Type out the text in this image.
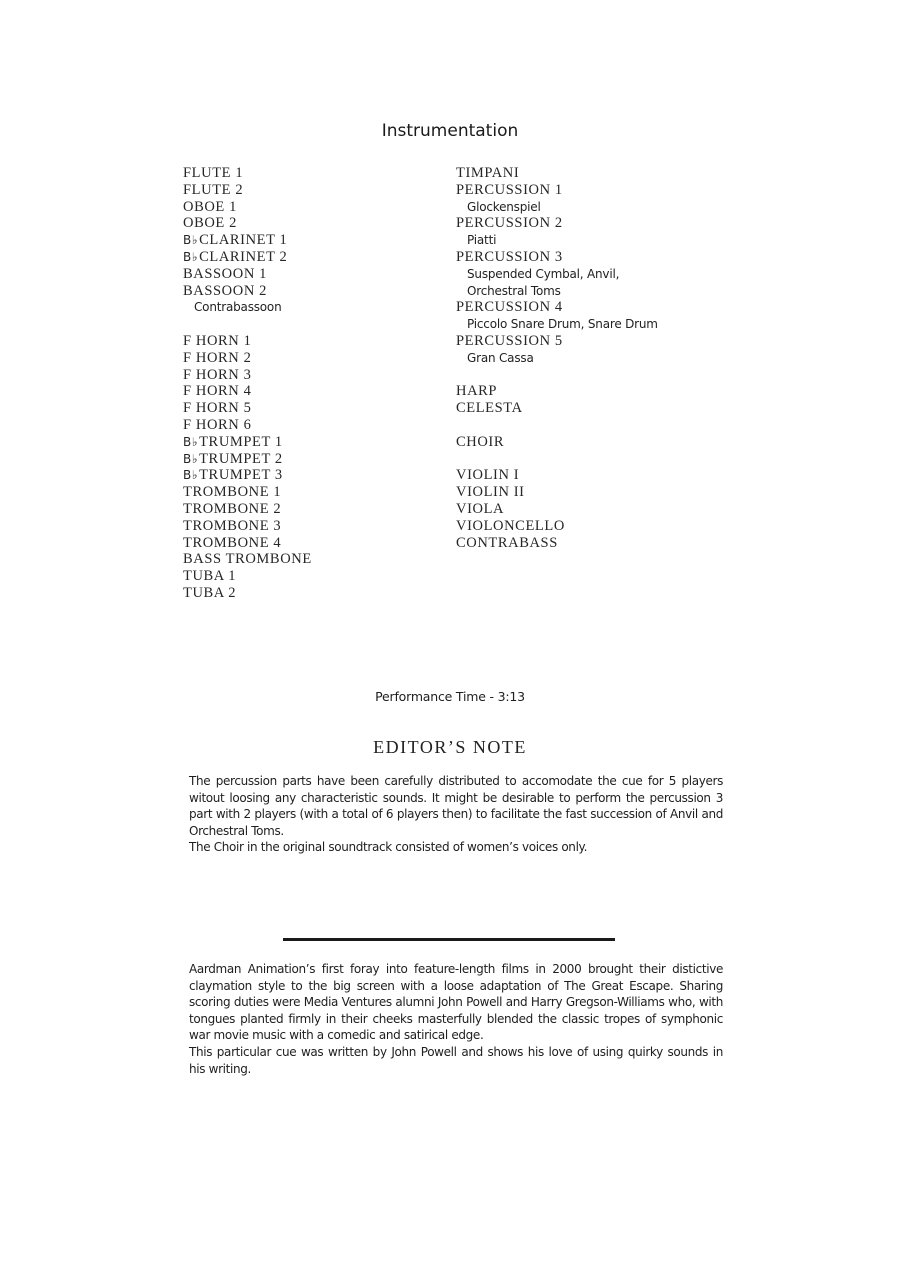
Instrumentation
FLUTE 1
FLUTE 2
OBOE 1
OBOE 2
B♭CLARINET 1
B♭CLARINET 2
BASSOON 1
BASSOON 2
Contrabassoon
F HORN 1
F HORN 2
F HORN 3
F HORN 4
F HORN 5
F HORN 6
B♭TRUMPET 1
B♭TRUMPET 2
B♭TRUMPET 3
TROMBONE 1
TROMBONE 2
TROMBONE 3
TROMBONE 4
BASS TROMBONE
TUBA 1
TUBA 2
TIMPANI
PERCUSSION 1
Glockenspiel
PERCUSSION 2
Piatti
PERCUSSION 3
Suspended Cymbal, Anvil,
Orchestral Toms
PERCUSSION 4
Piccolo Snare Drum, Snare Drum
PERCUSSION 5
Gran Cassa
HARP
CELESTA
CHOIR
VIOLIN I
VIOLIN II
VIOLA
VIOLONCELLO
CONTRABASS
Performance Time - 3:13
EDITOR’S NOTE

The percussion parts have been carefully distributed to accomodate the cue for 5 players witout loosing any characteristic sounds. It might be desirable to perform the percussion 3 part with 2 players (with a total of 6 players then) to facilitate the fast succession of Anvil and Orchestral Toms.

The Choir in the original soundtrack consisted of women’s voices only.

Aardman Animation’s first foray into feature-length films in 2000 brought their distictive claymation style to the big screen with a loose adaptation of The Great Escape. Sharing scoring duties were Media Ventures alumni John Powell and Harry Gregson-Williams who, with tongues planted firmly in their cheeks masterfully blended the classic tropes of symphonic war movie music with a comedic and satirical edge.

This particular cue was written by John Powell and shows his love of using quirky sounds in his writing.
